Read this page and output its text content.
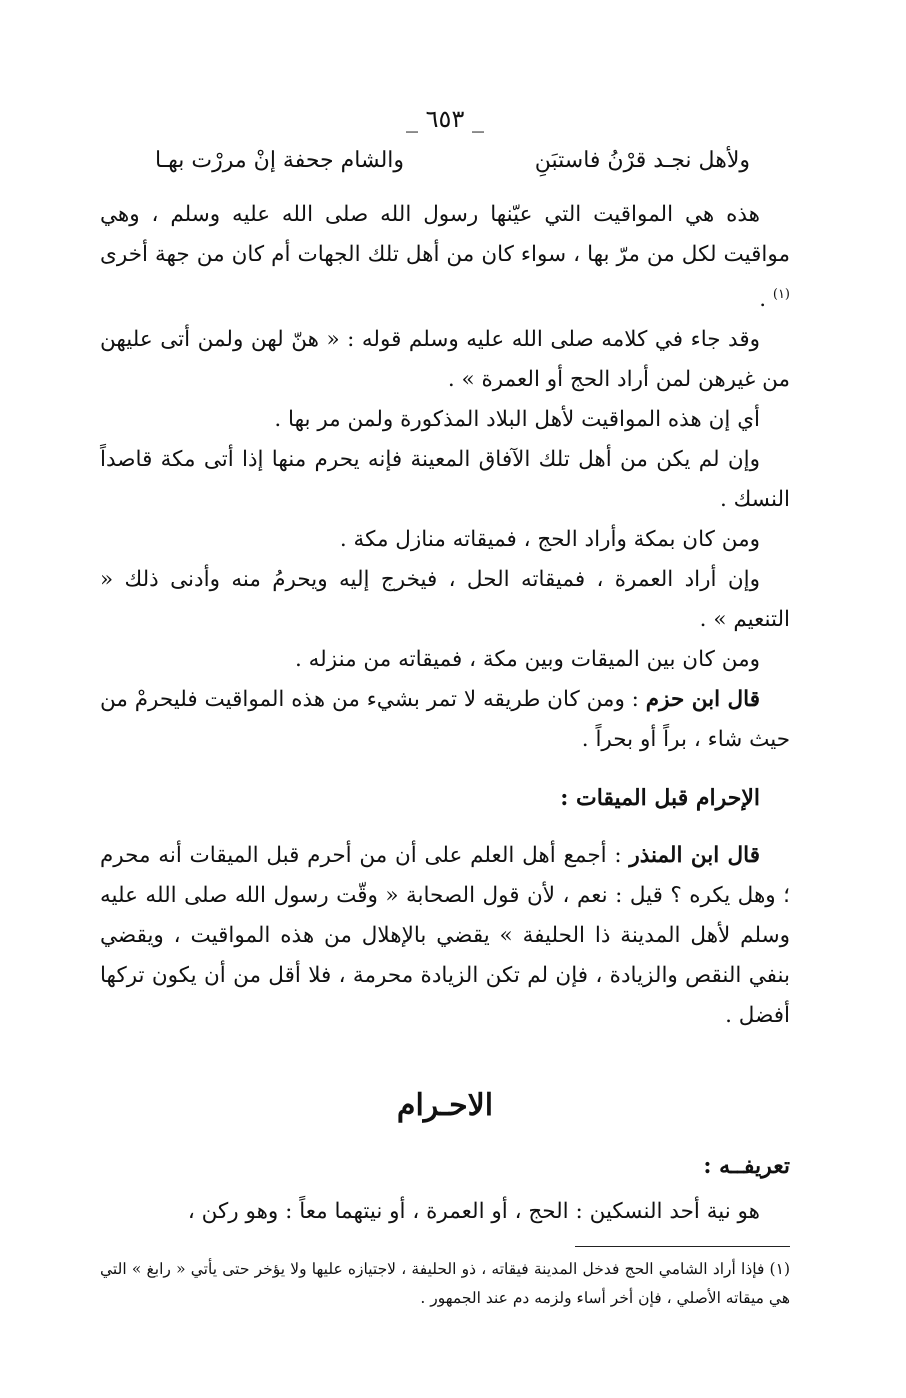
_ ٦٥٣ _
ولأهل نجـد قرْنُ فاستبَنِ
والشام جحفة إنْ مررْت بهـا

هذه هي المواقيت التي عيّنها رسول الله صلى الله عليه وسلم ، وهي مواقيت لكل من مرّ بها ، سواء كان من أهل تلك الجهات أم كان من جهة أخرى $^{(١)}$ .

وقد جاء في كلامه صلى الله عليه وسلم قوله : « هنّ لهن ولمن أتى عليهن من غيرهن لمن أراد الحج أو العمرة » .

أي إن هذه المواقيت لأهل البلاد المذكورة ولمن مر بها .

وإن لم يكن من أهل تلك الآفاق المعينة فإنه يحرم منها إذا أتى مكة قاصداً النسك .

ومن كان بمكة وأراد الحج ، فميقاته منازل مكة .

وإن أراد العمرة ، فميقاته الحل ، فيخرج إليه ويحرمُ منه وأدنى ذلك « التنعيم » .

ومن كان بين الميقات وبين مكة ، فميقاته من منزله .

قال ابن حزم : ومن كان طريقه لا تمر بشيء من هذه المواقيت فليحرمْ من حيث شاء ، براً أو بحراً .

الإحرام قبل الميقات :

قال ابن المنذر : أجمع أهل العلم على أن من أحرم قبل الميقات أنه محرم ؛ وهل يكره ؟ قيل : نعم ، لأن قول الصحابة « وقّت رسول الله صلى الله عليه وسلم لأهل المدينة ذا الحليفة » يقضي بالإهلال من هذه المواقيت ، ويقضي بنفي النقص والزيادة ، فإن لم تكن الزيادة محرمة ، فلا أقل من أن يكون تركها أفضل .

الاحـرام
تعريفــه :

هو نية أحد النسكين : الحج ، أو العمرة ، أو نيتهما معاً : وهو ركن ،

(١) فإذا أراد الشامي الحج فدخل المدينة فيقاته ، ذو الحليفة ، لاجتيازه عليها ولا يؤخر حتى يأتي « رابغ » التي هي ميقاته الأصلي ، فإن أخر أساء ولزمه دم عند الجمهور .
